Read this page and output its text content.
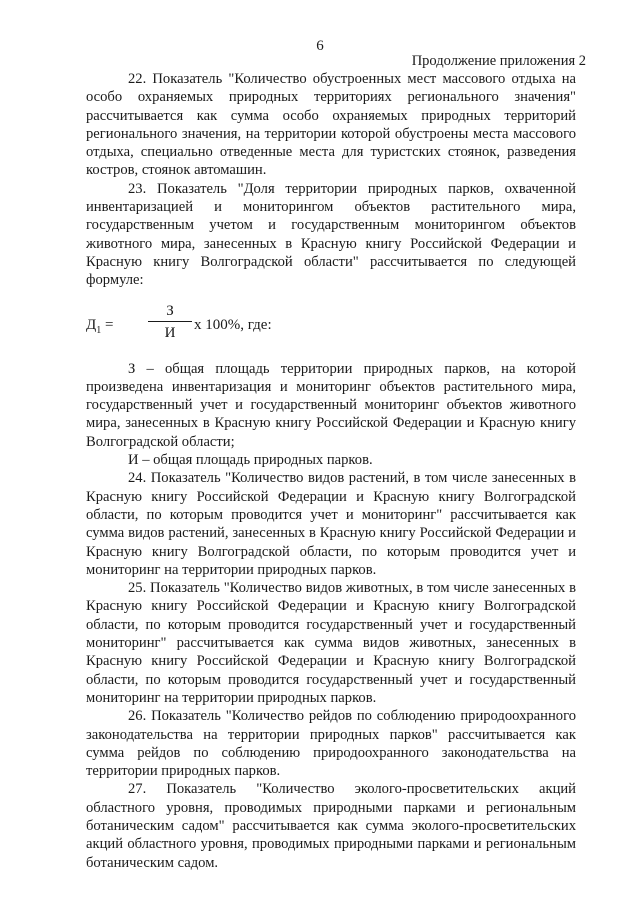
6
Продолжение приложения 2

22. Показатель "Количество обустроенных мест массового отдыха на особо охраняемых природных территориях регионального значения" рассчитывается как сумма особо охраняемых природных территорий регионального значения, на территории которой обустроены места массового отдыха, специально отведенные места для туристских стоянок, разведения костров, стоянок автомашин.

23. Показатель "Доля территории природных парков, охваченной инвентаризацией и мониторингом объектов растительного мира, государственным учетом и государственным мониторингом объектов животного мира, занесенных в Красную книгу Российской Федерации и Красную книгу Волгоградской области" рассчитывается по следующей формуле:

$Д_1$ =
З
И	x 100%, где:

З – общая площадь территории природных парков, на которой произведена инвентаризация и мониторинг объектов растительного мира, государственный учет и государственный мониторинг объектов животного мира, занесенных в Красную книгу Российской Федерации и Красную книгу Волгоградской области;

И – общая площадь природных парков.

24. Показатель "Количество видов растений, в том числе занесенных в Красную книгу Российской Федерации и Красную книгу Волгоградской области, по которым проводится учет и мониторинг" рассчитывается как сумма видов растений, занесенных в Красную книгу Российской Федерации и Красную книгу Волгоградской области, по которым проводится учет и мониторинг на территории природных парков.

25. Показатель "Количество видов животных, в том числе занесенных в Красную книгу Российской Федерации и Красную книгу Волгоградской области, по которым проводится государственный учет и государственный мониторинг" рассчитывается как сумма видов животных, занесенных в Красную книгу Российской Федерации и Красную книгу Волгоградской области, по которым проводится государственный учет и государственный мониторинг на территории природных парков.

26. Показатель "Количество рейдов по соблюдению природоохранного законодательства на территории природных парков" рассчитывается как сумма рейдов по соблюдению природоохранного законодательства на территории природных парков.

27. Показатель "Количество эколого-просветительских акций областного уровня, проводимых природными парками и региональным ботаническим садом" рассчитывается как сумма эколого-просветительских акций областного уровня, проводимых природными парками и региональным ботаническим садом.
